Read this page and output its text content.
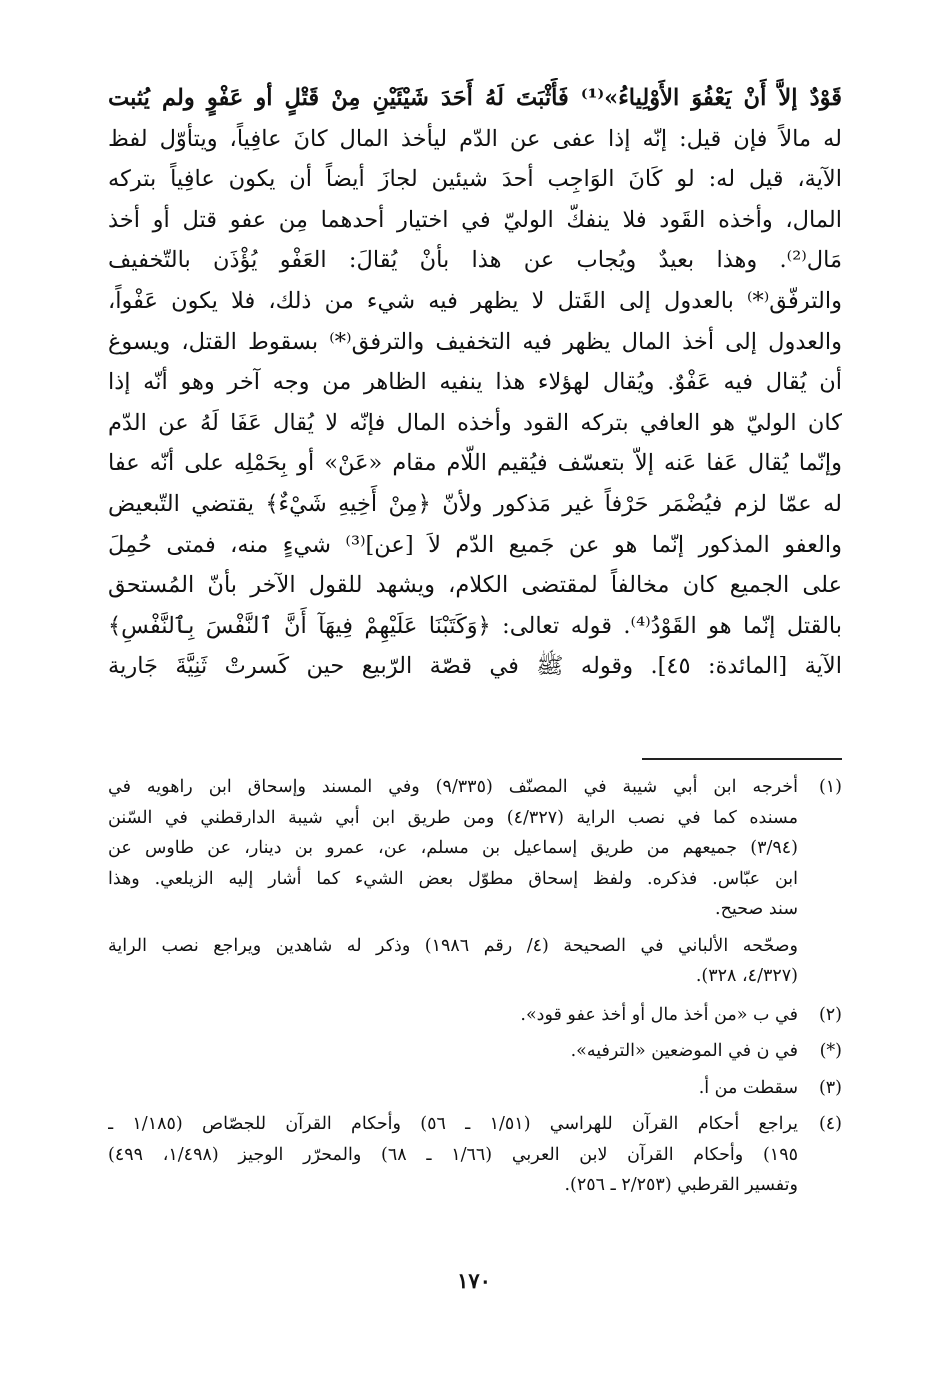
قَوْدٌ إلاَّ أَنْ يَعْفُوَ الأَوْلِياءُ»⁽¹⁾ فَأَثْبَتَ لَهُ أَحَدَ شَيْئَيْنِ مِنْ قَتْلٍ أو عَفْوٍ ولم يُثبت
له مالاً فإن قيل: إنّه إذا عفى عن الدّم ليأخذ المال كانَ عافِياً، ويتأوّل لفظ
الآية، قيل له: لو كَانَ الوَاجِب أحدَ شيئين لجازَ أيضاً أن يكون عافِياً بتركه
المال، وأخذه القَود فلا ينفكّ الوليّ في اختيار أحدهما مِن عفو قتل أو أخذ
مَال⁽²⁾. وهذا بعيدٌ ويُجاب عن هذا بأنْ يُقالَ: العَفْو يُؤْذَن بالتّخفيف
والترفّق⁽*⁾ بالعدول إلى القَتل لا يظهر فيه شيء من ذلك، فلا يكون عَفْواً،
والعدول إلى أخذ المال يظهر فيه التخفيف والترفق⁽*⁾ بسقوط القتل، ويسوغ
أن يُقال فيه عَفْوٌ. ويُقال لهؤلاء هذا ينفيه الظاهر من وجه آخر وهو أنّه إذا
كان الوليّ هو العافي بتركه القود وأخذه المال فإنّه لا يُقال عَفَا لَهُ عن الدّم
وإنّما يُقال عَفا عَنه إلاّ بتعسّف فيُقيم اللّام مقام «عَنْ» أو بِحَمْلِه على أنّه عفا
له عمّا لزم فيُضْمَر حَرْفاً غير مَذكور ولأنّ ﴿مِنْ أَخِيهِ شَيْءٌ﴾ يقتضي التّبعيض
والعفو المذكور إنّما هو عن جَميع الدّم لاَ [عن]⁽³⁾ شيءٍ منه، فمتى حُمِلَ
على الجميع كان مخالفاً لمقتضى الكلام، ويشهد للقول الآخر بأنّ المُستحق
بالقتل إنّما هو القَوْدُ⁽⁴⁾. قوله تعالى: ﴿وَكَتَبْنَا عَلَيْهِمْ فِيهَآ أَنَّ ٱلنَّفْسَ بِٱلنَّفْسِ﴾
الآية [المائدة: ٤٥]. وقوله ﷺ في قصّة الرّبيع حين كَسرتْ ثَنِيَّةَ جَارية
(١)
أخرجه ابن أبي شيبة في المصنّف (٩/٣٣٥) وفي المسند وإسحاق ابن راهويه في
مسنده كما في نصب الراية (٤/٣٢٧) ومن طريق ابن أبي شيبة الدارقطني في السّنن
(٣/٩٤) جميعهم من طريق إسماعيل بن مسلم، عن، عمرو بن دينار، عن طاوس عن
ابن عبّاس. فذكره. ولفظ إسحاق مطوّل بعض الشيء كما أشار إليه الزيلعي. وهذا
سند صحيح.
وصحّحه الألباني في الصحيحة (٤/ رقم ١٩٨٦) وذكر له شاهدين ويراجع نصب الراية
(٤/٣٢٧، ٣٢٨).
(٢)
في ب «من أخذ مال أو أخذ عفو قود».
(*)
في ن في الموضعين «الترفيه».
(٣)
سقطت من أ.
(٤)
يراجع أحكام القرآن للهراسي (١/٥١ ـ ٥٦) وأحكام القرآن للجصّاص (١/١٨٥ ـ
١٩٥) وأحكام القرآن لابن العربي (١/٦٦ ـ ٦٨) والمحرّر الوجيز (١/٤٩٨، ٤٩٩)
وتفسير القرطبي (٢/٢٥٣ ـ ٢٥٦).
١٧٠
